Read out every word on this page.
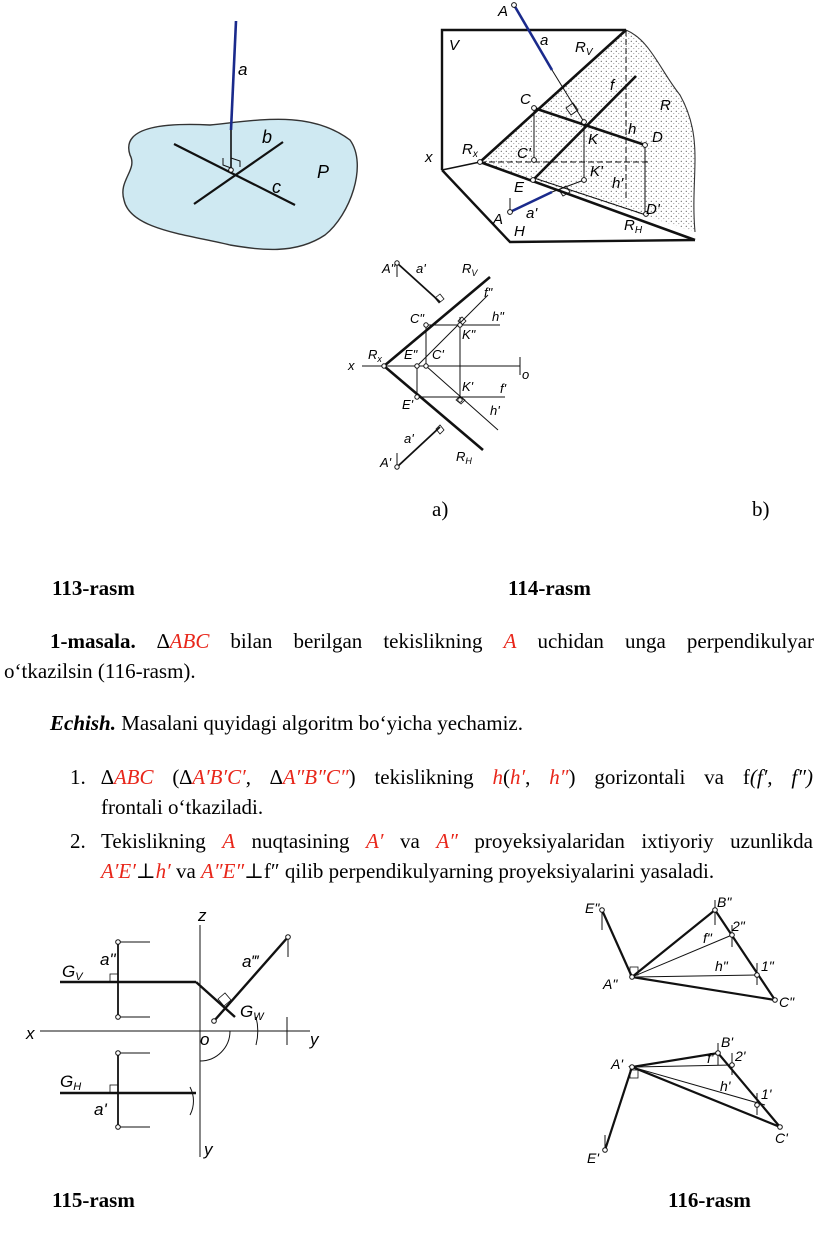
a
b
c
P
A
a
V	$R_V$
R
C
f
K
h D
x $R_x$	C'
E
K'
h'
A a'	D'
H	$R_H$
A" a'	$R_V$
f"
C"	h"
K"
x
$R_x$ E" C'
o
K' f'
E'	h'
a'
A'	$R_H$
a)	b)
113-rasm	114-rasm
1-masala. ∆ABC bilan berilgan tekislikning A uchidan unga perpendikulyar
o‘tkazilsin (116-rasm).
Echish. Masalani quyidagi algoritm bo‘yicha yechamiz.
1. ∆ABC (∆A′B′C′, ∆A″B″C″) tekislikning h(h′, h″) gorizontali va f(f′, f″)
frontali o‘tkaziladi.
2. Tekislikning A nuqtasining A′ va A″ proyeksiyalaridan ixtiyoriy uzunlikda
A′E′⊥h′ va A″E″⊥f″ qilib perpendikulyarning proyeksiyalarini yasaladi.
z
a"	a‴
GV
GW
x	o	y
GH
a'
y
E"	B"
2"
f"
h" 1"
A"
C"
B'
A'	f' 2'
h' 1'
C'
E'
115-rasm	116-rasm
